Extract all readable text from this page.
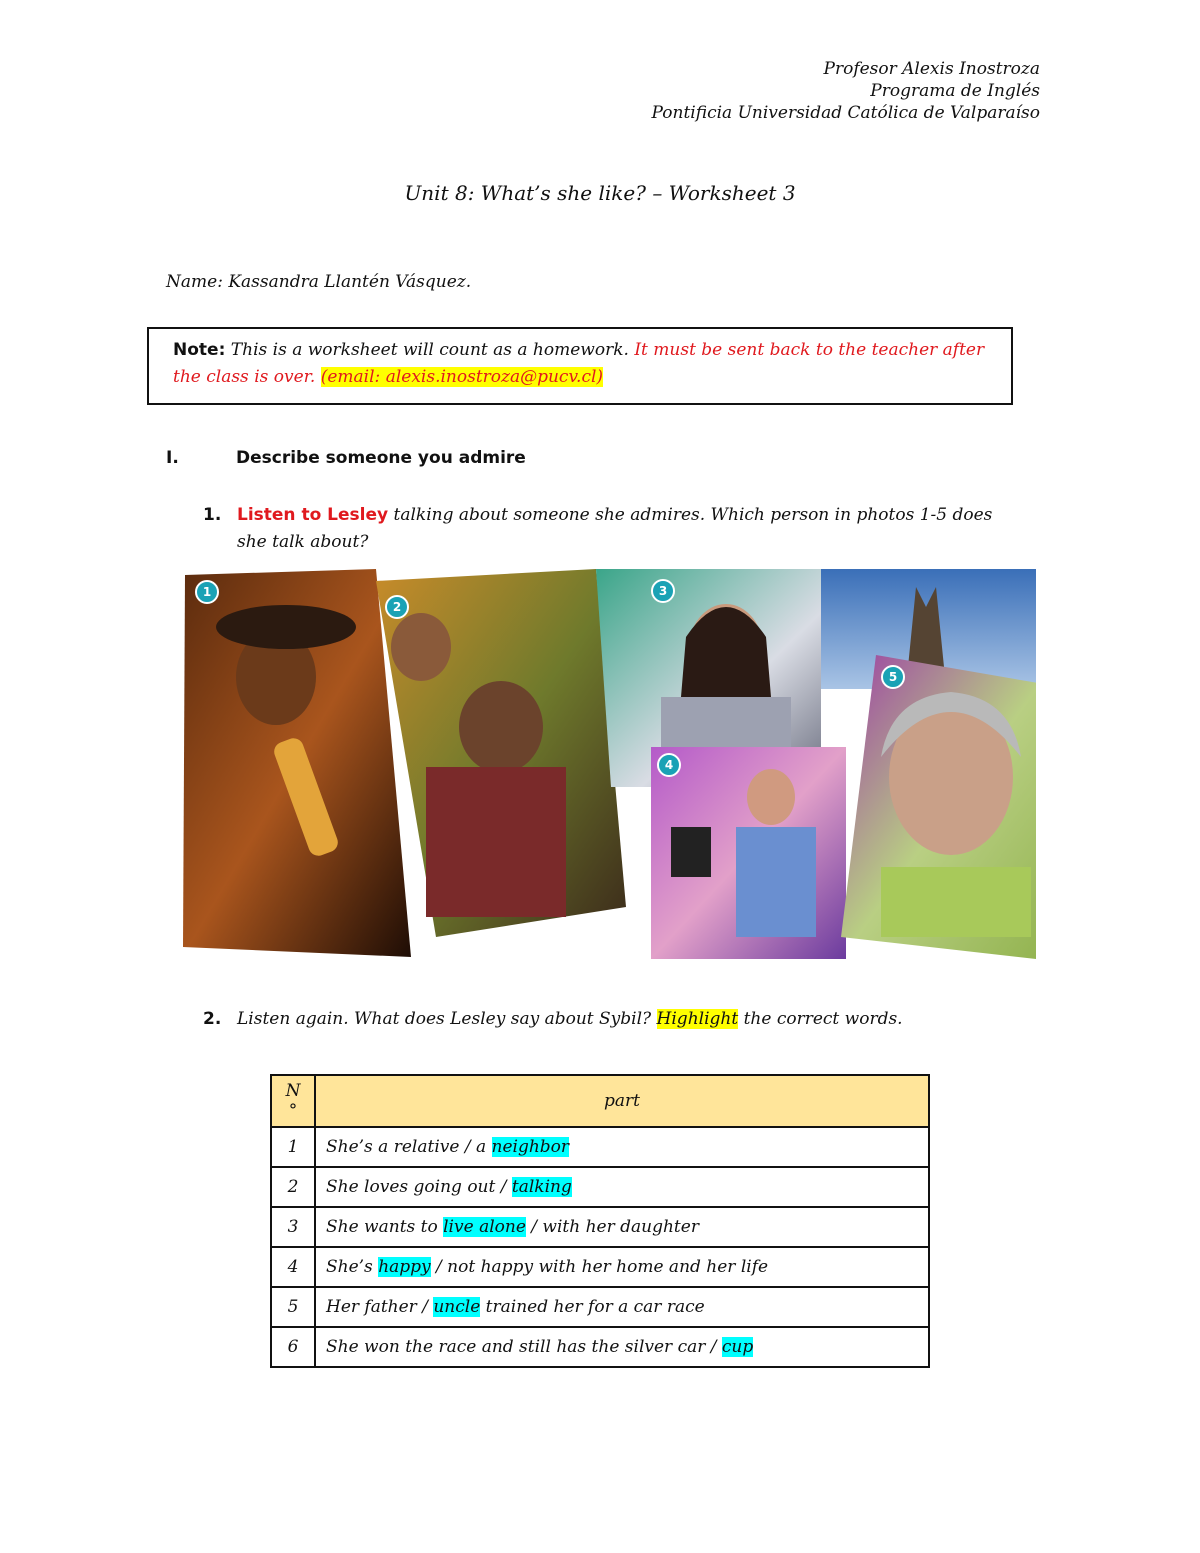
Profesor Alexis Inostroza
Programa de Inglés
Pontificia Universidad Católica de Valparaíso
Unit 8: What’s she like? – Worksheet 3
Name: Kassandra Llantén Vásquez.
Note: This is a worksheet will count as a homework. It must be sent back to the teacher after the class is over. (email: alexis.inostroza@pucv.cl)
I.	Describe someone you admire
1. Listen to Lesley talking about someone she admires. Which person in photos 1-5 does she talk about?
1
2
3
4
5
2. Listen again. What does Lesley say about Sybil? Highlight the correct words.
N °	part
1	She’s a relative / a neighbor
2	She loves going out / talking
3	She wants to live alone / with her daughter
4	She’s happy / not happy with her home and her life
5	Her father / uncle trained her for a car race
6	She won the race and still has the silver car / cup
